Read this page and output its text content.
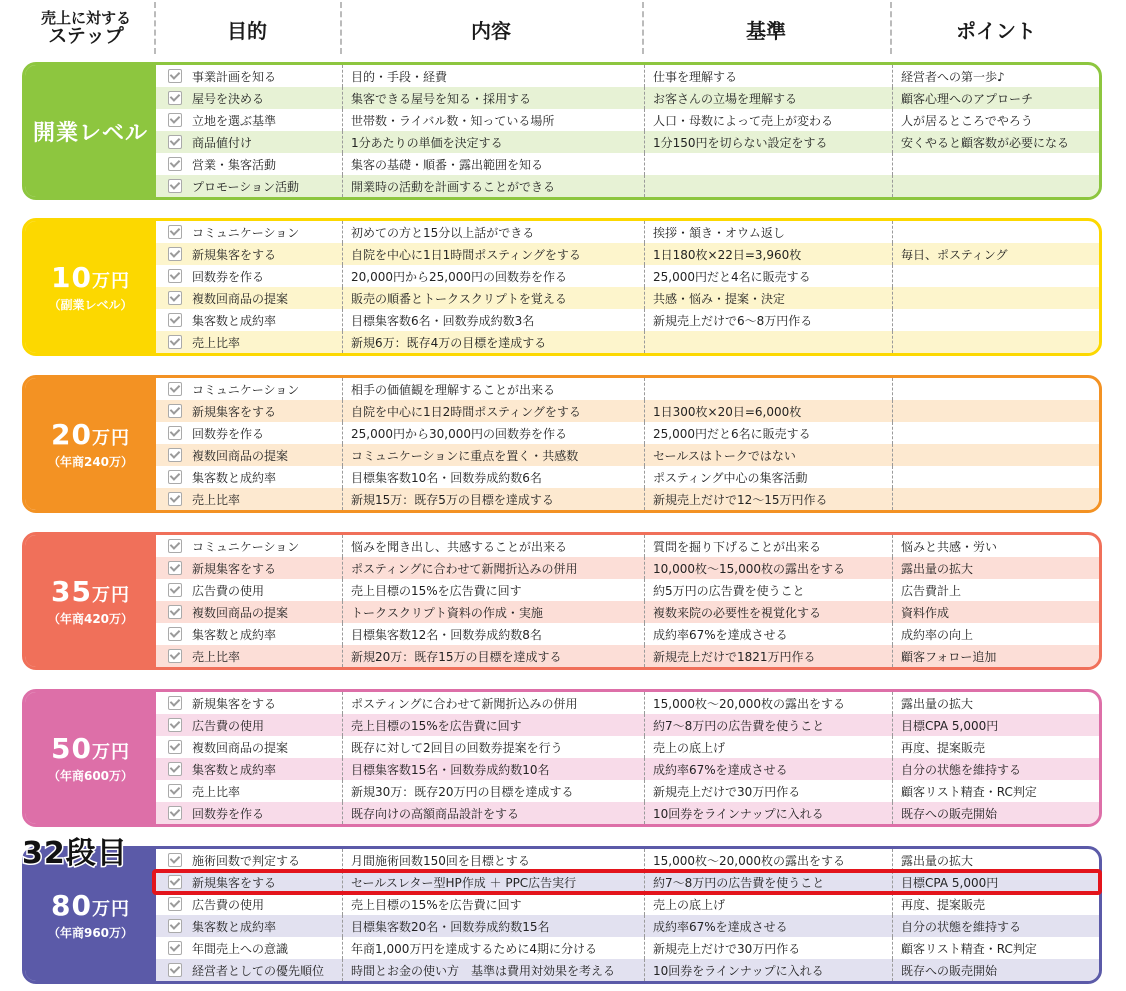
売上に対する
ステップ	目的	内容	基準	ポイント
開業レベル
事業計画を知る	目的・手段・経費	仕事を理解する	経営者への第一歩♪
屋号を決める	集客できる屋号を知る・採用する	お客さんの立場を理解する	顧客心理へのアプローチ
立地を選ぶ基準	世帯数・ライバル数・知っている場所	人口・母数によって売上が変わる	人が居るところでやろう
商品値付け	1分あたりの単価を決定する	1分150円を切らない設定をする	安くやると顧客数が必要になる
営業・集客活動	集客の基礎・順番・露出範囲を知る
プロモーション活動	開業時の活動を計画することができる
10万円
（副業レベル）
コミュニケーション	初めての方と15分以上話ができる	挨拶・頷き・オウム返し
新規集客をする	自院を中心に1日1時間ポスティングをする	1日180枚×22日=3,960枚	毎日、ポスティング
回数券を作る	20,000円から25,000円の回数券を作る	25,000円だと4名に販売する
複数回商品の提案	販売の順番とトークスクリプトを覚える	共感・悩み・提案・決定
集客数と成約率	目標集客数6名・回数券成約数3名	新規売上だけで6〜8万円作る
売上比率	新規6万：既存4万の目標を達成する
20万円
（年商240万）
コミュニケーション	相手の価値観を理解することが出来る
新規集客をする	自院を中心に1日2時間ポスティングをする	1日300枚×20日=6,000枚
回数券を作る	25,000円から30,000円の回数券を作る	25,000円だと6名に販売する
複数回商品の提案	コミュニケーションに重点を置く・共感数	セールスはトークではない
集客数と成約率	目標集客数10名・回数券成約数6名	ポスティング中心の集客活動
売上比率	新規15万：既存5万の目標を達成する	新規売上だけで12〜15万円作る
35万円
（年商420万）
コミュニケーション	悩みを聞き出し、共感することが出来る	質問を掘り下げることが出来る	悩みと共感・労い
新規集客をする	ポスティングに合わせて新聞折込みの併用	10,000枚〜15,000枚の露出をする	露出量の拡大
広告費の使用	売上目標の15%を広告費に回す	約5万円の広告費を使うこと	広告費計上
複数回商品の提案	トークスクリプト資料の作成・実施	複数来院の必要性を視覚化する	資料作成
集客数と成約率	目標集客数12名・回数券成約数8名	成約率67%を達成させる	成約率の向上
売上比率	新規20万：既存15万の目標を達成する	新規売上だけで1821万円作る	顧客フォロー追加
50万円
（年商600万）
新規集客をする	ポスティングに合わせて新聞折込みの併用	15,000枚〜20,000枚の露出をする	露出量の拡大
広告費の使用	売上目標の15%を広告費に回す	約7〜8万円の広告費を使うこと	目標CPA 5,000円
複数回商品の提案	既存に対して2回目の回数券提案を行う	売上の底上げ	再度、提案販売
集客数と成約率	目標集客数15名・回数券成約数10名	成約率67%を達成させる	自分の状態を維持する
売上比率	新規30万：既存20万円の目標を達成する	新規売上だけで30万円作る	顧客リスト精査・RC判定
回数券を作る	既存向けの高額商品設計をする	10回券をラインナップに入れる	既存への販売開始
80万円
（年商960万）
施術回数で判定する	月間施術回数150回を目標とする	15,000枚〜20,000枚の露出をする	露出量の拡大
新規集客をする	セールスレター型HP作成 ＋ PPC広告実行	約7〜8万円の広告費を使うこと	目標CPA 5,000円
広告費の使用	売上目標の15%を広告費に回す	売上の底上げ	再度、提案販売
集客数と成約率	目標集客数20名・回数券成約数15名	成約率67%を達成させる	自分の状態を維持する
年間売上への意識	年商1,000万円を達成するために4期に分ける	新規売上だけで30万円作る	顧客リスト精査・RC判定
経営者としての優先順位	時間とお金の使い方　基準は費用対効果を考える	10回券をラインナップに入れる	既存への販売開始
32段目
